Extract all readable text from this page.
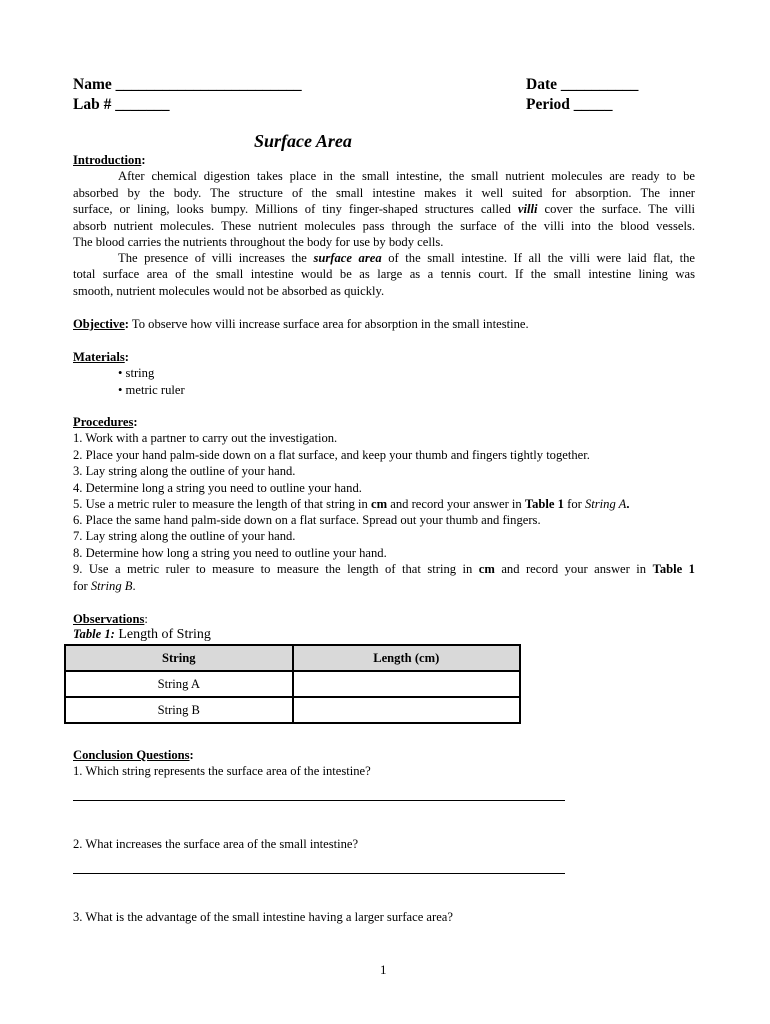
Name ________________________	Date __________
Lab # _______	Period _____
Surface Area
Introduction:
After chemical digestion takes place in the small intestine, the small nutrient molecules are ready to be
absorbed by the body. The structure of the small intestine makes it well suited for absorption. The inner
surface, or lining, looks bumpy. Millions of tiny finger-shaped structures called villi cover the surface. The villi
absorb nutrient molecules. These nutrient molecules pass through the surface of the villi into the blood vessels.
The blood carries the nutrients throughout the body for use by body cells.
The presence of villi increases the surface area of the small intestine. If all the villi were laid flat, the
total surface area of the small intestine would be as large as a tennis court. If the small intestine lining was
smooth, nutrient molecules would not be absorbed as quickly.
Objective: To observe how villi increase surface area for absorption in the small intestine.
Materials:
• string
• metric ruler
Procedures:
1. Work with a partner to carry out the investigation.
2. Place your hand palm-side down on a flat surface, and keep your thumb and fingers tightly together.
3. Lay string along the outline of your hand.
4. Determine long a string you need to outline your hand.
5. Use a metric ruler to measure the length of that string in cm and record your answer in Table 1 for String A.
6. Place the same hand palm-side down on a flat surface. Spread out your thumb and fingers.
7. Lay string along the outline of your hand.
8. Determine how long a string you need to outline your hand.
9. Use a metric ruler to measure to measure the length of that string in cm and record your answer in Table 1
for String B.
Observations:
Table 1: Length of String
String	Length (cm)
String A	
String B	
Conclusion Questions:
1. Which string represents the surface area of the intestine?
2. What increases the surface area of the small intestine?
3. What is the advantage of the small intestine having a larger surface area?
1
